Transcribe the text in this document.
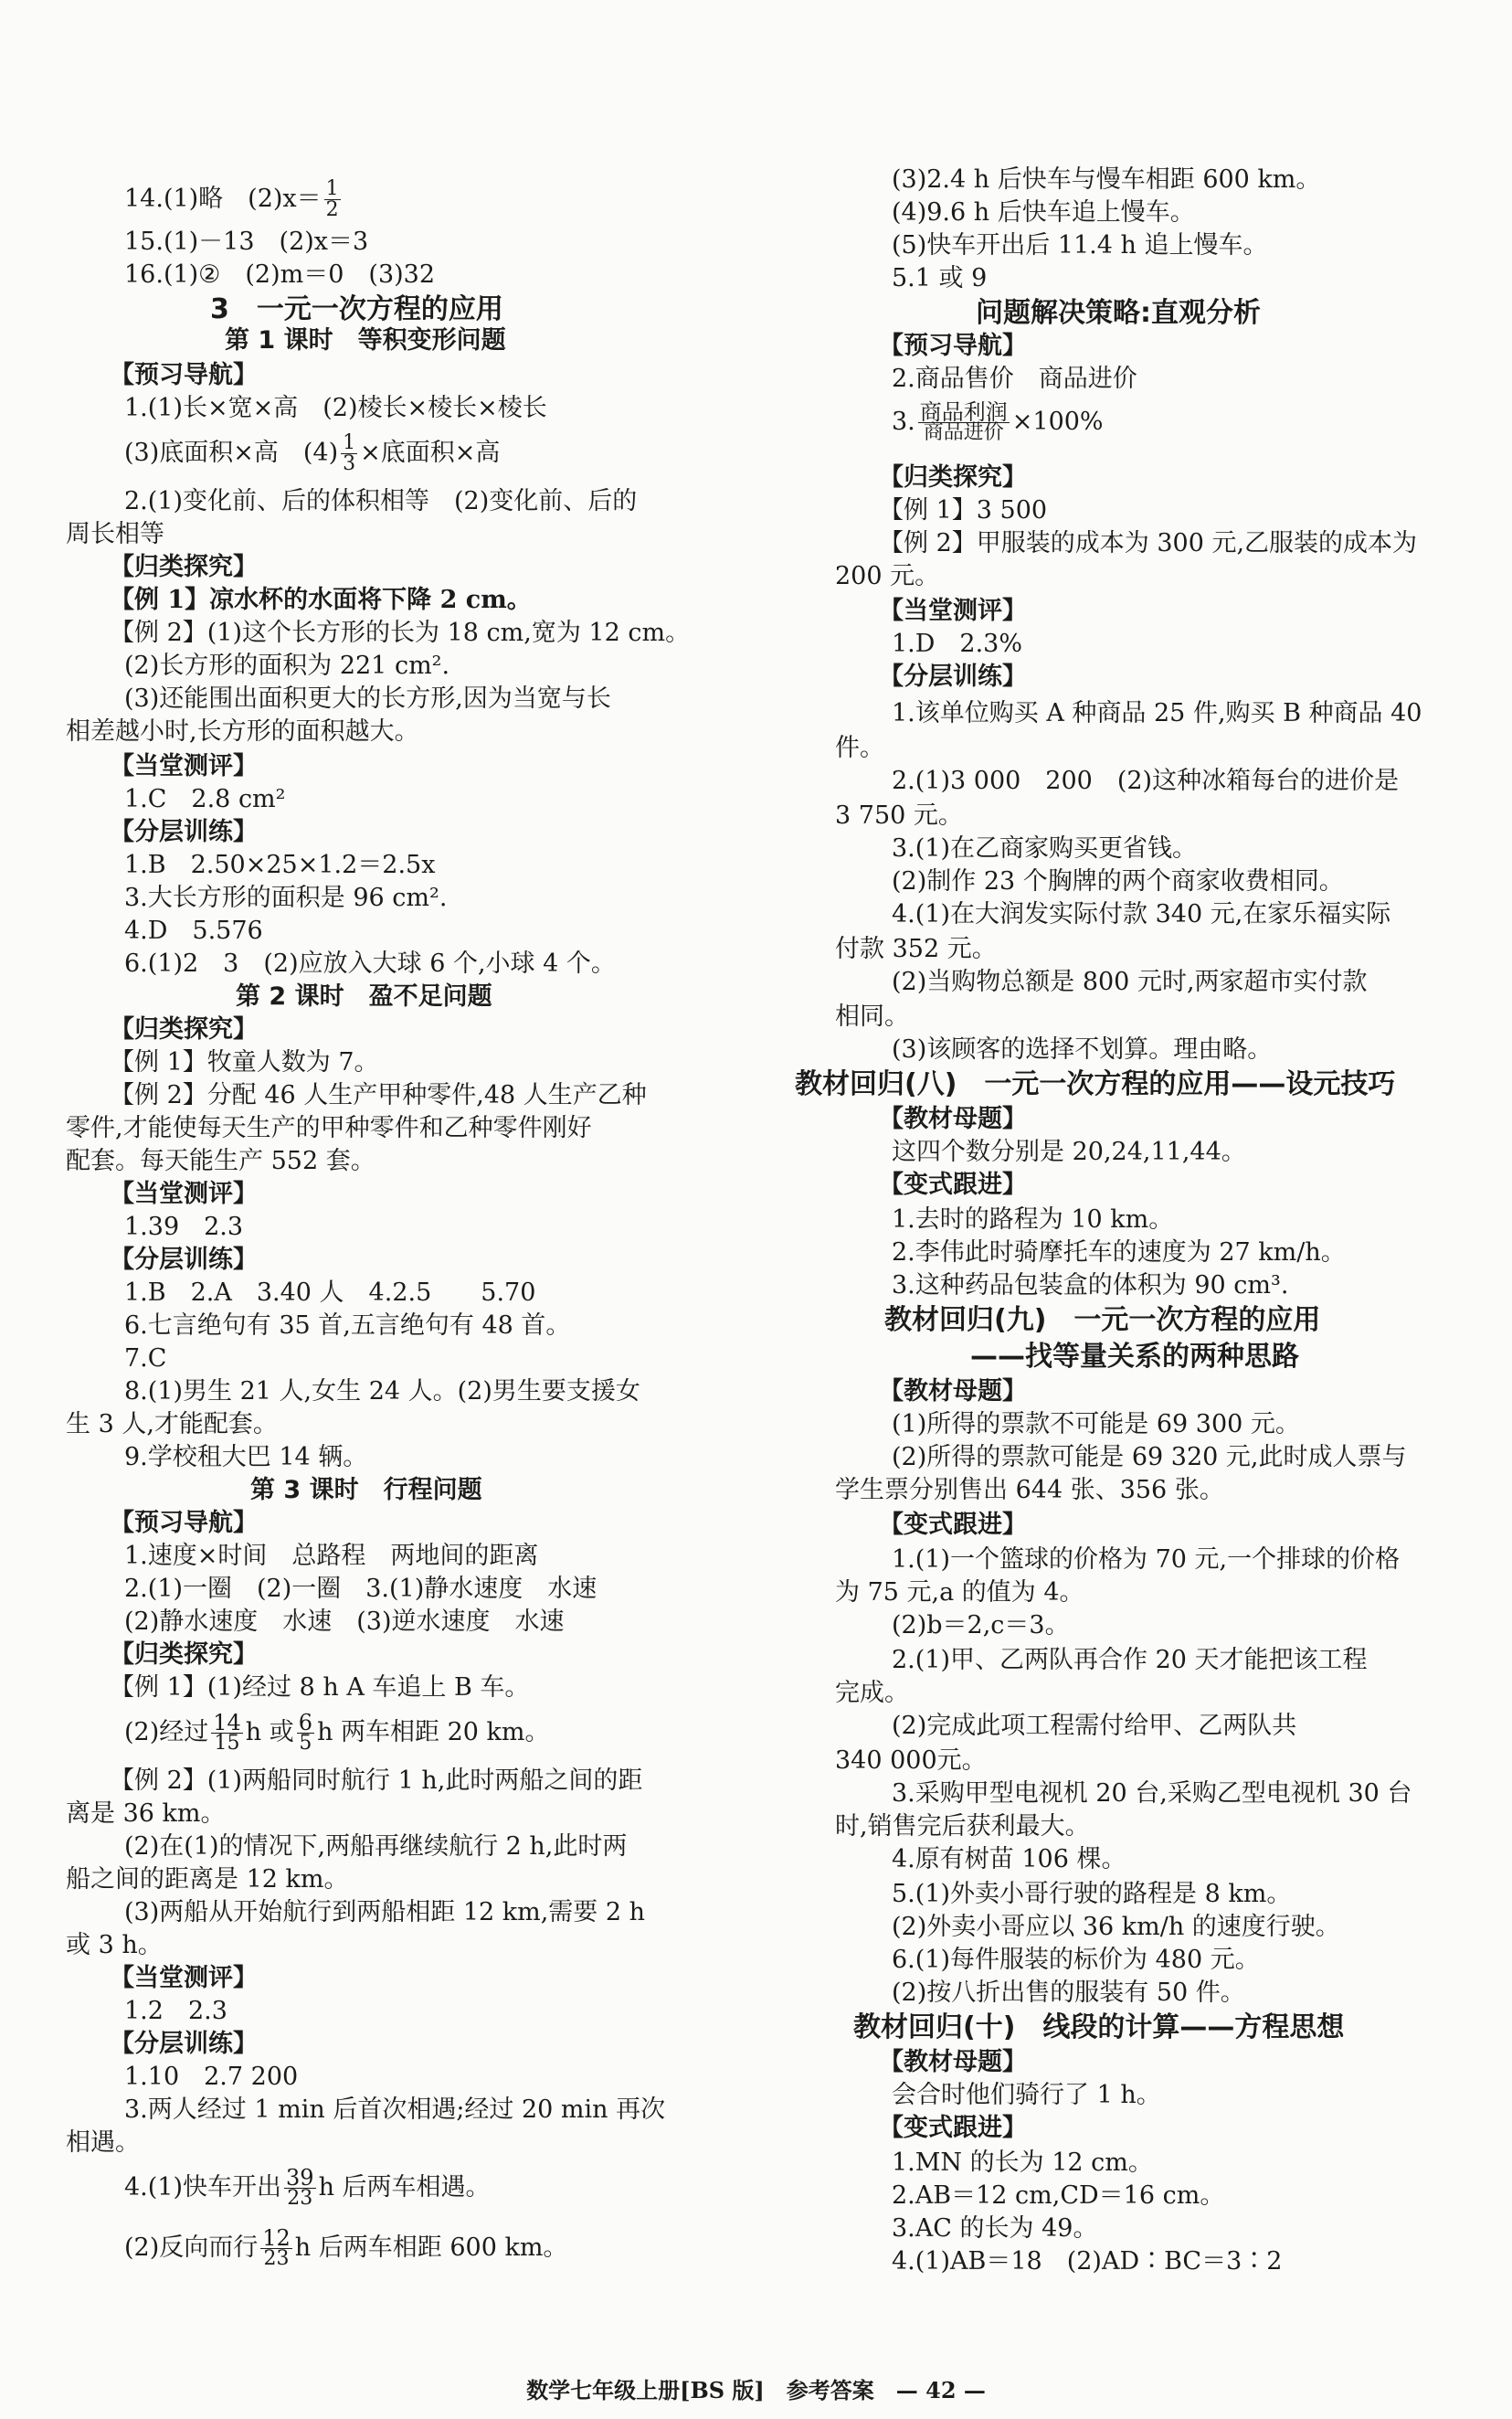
14.(1)略　$(2)x= \frac{1}{2}$
15.(1)－13　(2)x＝3
16.(1)②　(2)m＝0　(3)32
3　一元一次方程的应用
第 1 课时　等积变形问题
【预习导航】
1.(1)长×宽×高　(2)棱长×棱长×棱长
(3)底面积×高　$(4) \frac{1}{3}$ ×底面积×高
2.(1)变化前、后的体积相等　(2)变化前、后的
周长相等
【归类探究】
【例 1】凉水杯的水面将下降 2 cm。
【例 2】(1)这个长方形的长为 18 cm,宽为 12 cm。
(2)长方形的面积为 221 cm².
(3)还能围出面积更大的长方形,因为当宽与长
相差越小时,长方形的面积越大。
【当堂测评】
1.C　2.8 cm²
【分层训练】
1.B　2.50×25×1.2＝2.5x
3.大长方形的面积是 96 cm².
4.D　5.576
6.(1)2　3　(2)应放入大球 6 个,小球 4 个。
第 2 课时　盈不足问题
【归类探究】
【例 1】牧童人数为 7。
【例 2】分配 46 人生产甲种零件,48 人生产乙种
零件,才能使每天生产的甲种零件和乙种零件刚好
配套。每天能生产 552 套。
【当堂测评】
1.39　2.3
【分层训练】
1.B　2.A　3.40 人　4.2.5　　5.70
6.七言绝句有 35 首,五言绝句有 48 首。
7.C
8.(1)男生 21 人,女生 24 人。(2)男生要支援女
生 3 人,才能配套。
9.学校租大巴 14 辆。
第 3 课时　行程问题
【预习导航】
1.速度×时间　总路程　两地间的距离
2.(1)一圈　(2)一圈　3.(1)静水速度　水速
(2)静水速度　水速　(3)逆水速度　水速
【归类探究】
【例 1】(1)经过 8 h A 车追上 B 车。
(2)经过 $\frac{14}{15}$ h 或 $\frac{6}{5}$ h 两车相距 20 km。
【例 2】(1)两船同时航行 1 h,此时两船之间的距
离是 36 km。
(2)在(1)的情况下,两船再继续航行 2 h,此时两
船之间的距离是 12 km。
(3)两船从开始航行到两船相距 12 km,需要 2 h
或 3 h。
【当堂测评】
1.2　2.3
【分层训练】
1.10　2.7 200
3.两人经过 1 min 后首次相遇;经过 20 min 再次
相遇。
4.(1)快车开出 $\frac{39}{23}$ h 后两车相遇。
(2)反向而行 $\frac{12}{23}$ h 后两车相距 600 km。
(3)2.4 h 后快车与慢车相距 600 km。
(4)9.6 h 后快车追上慢车。
(5)快车开出后 11.4 h 追上慢车。
5.1 或 9
问题解决策略:直观分析
【预习导航】
2.商品售价　商品进价
3. 商品利润
商品进价 ×100%
【归类探究】
【例 1】3 500
【例 2】甲服装的成本为 300 元,乙服装的成本为
200 元。
【当堂测评】
1.D　2.3%
【分层训练】
1.该单位购买 A 种商品 25 件,购买 B 种商品 40
件。
2.(1)3 000　200　(2)这种冰箱每台的进价是
3 750 元。
3.(1)在乙商家购买更省钱。
(2)制作 23 个胸牌的两个商家收费相同。
4.(1)在大润发实际付款 340 元,在家乐福实际
付款 352 元。
(2)当购物总额是 800 元时,两家超市实付款
相同。
(3)该顾客的选择不划算。理由略。
教材回归(八)　一元一次方程的应用——设元技巧
【教材母题】
这四个数分别是 20,24,11,44。
【变式跟进】
1.去时的路程为 10 km。
2.李伟此时骑摩托车的速度为 27 km/h。
3.这种药品包装盒的体积为 90 cm³.
教材回归(九)　一元一次方程的应用
——找等量关系的两种思路
【教材母题】
(1)所得的票款不可能是 69 300 元。
(2)所得的票款可能是 69 320 元,此时成人票与
学生票分别售出 644 张、356 张。
【变式跟进】
1.(1)一个篮球的价格为 70 元,一个排球的价格
为 75 元,a 的值为 4。
(2)b＝2,c＝3。
2.(1)甲、乙两队再合作 20 天才能把该工程
完成。
(2)完成此项工程需付给甲、乙两队共
340 000元。
3.采购甲型电视机 20 台,采购乙型电视机 30 台
时,销售完后获利最大。
4.原有树苗 106 棵。
5.(1)外卖小哥行驶的路程是 8 km。
(2)外卖小哥应以 36 km/h 的速度行驶。
6.(1)每件服装的标价为 480 元。
(2)按八折出售的服装有 50 件。
教材回归(十)　线段的计算——方程思想
【教材母题】
会合时他们骑行了 1 h。
【变式跟进】
1.MN 的长为 12 cm。
2.AB＝12 cm,CD＝16 cm。
3.AC 的长为 49。
4.(1)AB＝18　(2)AD∶BC＝3∶2
数学七年级上册[BS 版]　参考答案　— 42 —
